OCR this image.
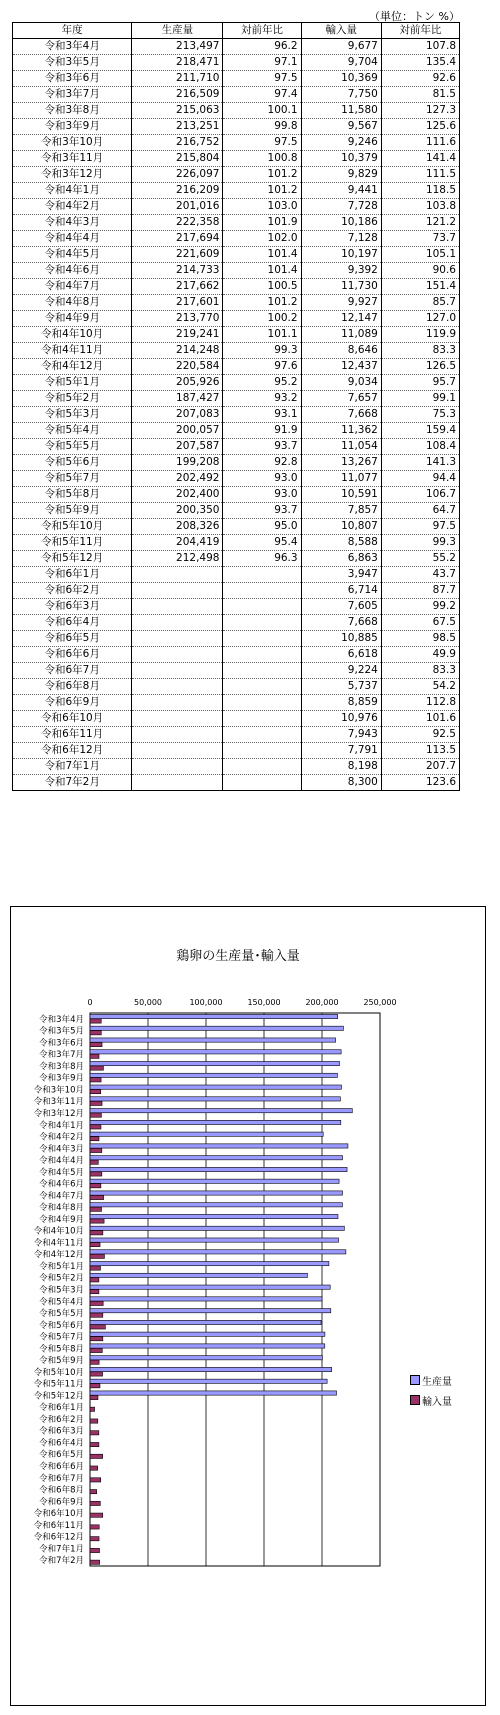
（単位：トン %）
年度	生産量	対前年比	輸入量	対前年比
令和3年4月	213,497	96.2	9,677	107.8
令和3年5月	218,471	97.1	9,704	135.4
令和3年6月	211,710	97.5	10,369	92.6
令和3年7月	216,509	97.4	7,750	81.5
令和3年8月	215,063	100.1	11,580	127.3
令和3年9月	213,251	99.8	9,567	125.6
令和3年10月	216,752	97.5	9,246	111.6
令和3年11月	215,804	100.8	10,379	141.4
令和3年12月	226,097	101.2	9,829	111.5
令和4年1月	216,209	101.2	9,441	118.5
令和4年2月	201,016	103.0	7,728	103.8
令和4年3月	222,358	101.9	10,186	121.2
令和4年4月	217,694	102.0	7,128	73.7
令和4年5月	221,609	101.4	10,197	105.1
令和4年6月	214,733	101.4	9,392	90.6
令和4年7月	217,662	100.5	11,730	151.4
令和4年8月	217,601	101.2	9,927	85.7
令和4年9月	213,770	100.2	12,147	127.0
令和4年10月	219,241	101.1	11,089	119.9
令和4年11月	214,248	99.3	8,646	83.3
令和4年12月	220,584	97.6	12,437	126.5
令和5年1月	205,926	95.2	9,034	95.7
令和5年2月	187,427	93.2	7,657	99.1
令和5年3月	207,083	93.1	7,668	75.3
令和5年4月	200,057	91.9	11,362	159.4
令和5年5月	207,587	93.7	11,054	108.4
令和5年6月	199,208	92.8	13,267	141.3
令和5年7月	202,492	93.0	11,077	94.4
令和5年8月	202,400	93.0	10,591	106.7
令和5年9月	200,350	93.7	7,857	64.7
令和5年10月	208,326	95.0	10,807	97.5
令和5年11月	204,419	95.4	8,588	99.3
令和5年12月	212,498	96.3	6,863	55.2
令和6年1月			3,947	43.7
令和6年2月			6,714	87.7
令和6年3月			7,605	99.2
令和6年4月			7,668	67.5
令和6年5月			10,885	98.5
令和6年6月			6,618	49.9
令和6年7月			9,224	83.3
令和6年8月			5,737	54.2
令和6年9月			8,859	112.8
令和6年10月			10,976	101.6
令和6年11月			7,943	92.5
令和6年12月			7,791	113.5
令和7年1月			8,198	207.7
令和7年2月			8,300	123.6
鶏卵の生産量･輸入量
0	50,000	100,000	150,000	200,000	250,000
令和3年4月
令和3年5月
令和3年6月
令和3年7月
令和3年8月
令和3年9月
令和3年10月
令和3年11月
令和3年12月
令和4年1月
令和4年2月
令和4年3月
令和4年4月
令和4年5月
令和4年6月
令和4年7月
令和4年8月
令和4年9月
令和4年10月
令和4年11月
令和4年12月
令和5年1月
令和5年2月
令和5年3月
令和5年4月
令和5年5月
令和5年6月
令和5年7月
令和5年8月
令和5年9月
令和5年10月
令和5年11月
令和5年12月
令和6年1月
令和6年2月
令和6年3月
令和6年4月
令和6年5月
令和6年6月
令和6年7月
令和6年8月
令和6年9月
令和6年10月
令和6年11月
令和6年12月
令和7年1月
令和7年2月
生産量
輸入量
